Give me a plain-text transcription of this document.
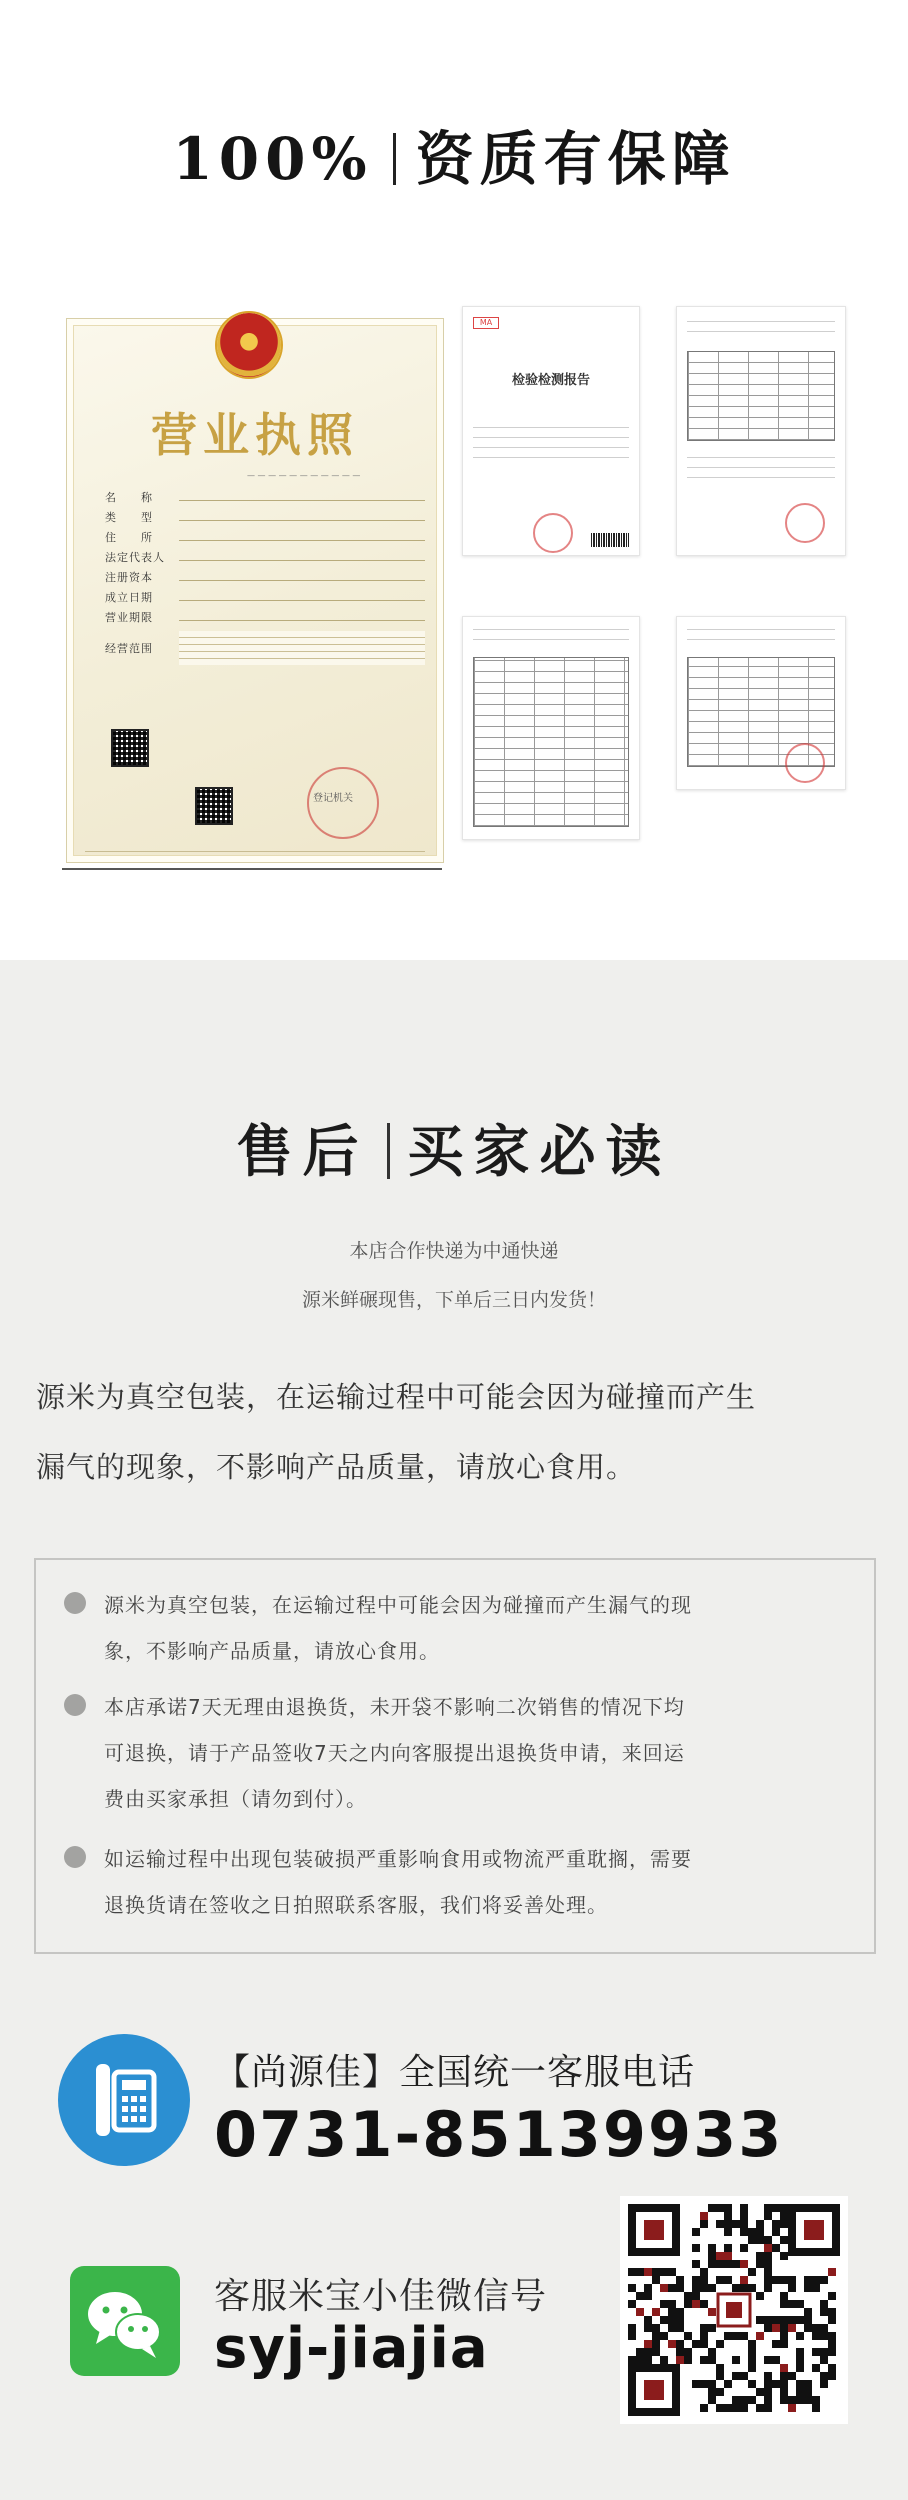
100% 资质有保障
营业执照
— — — — — — — — — — —
名　　称
类　　型
住　　所
法定代表人
注册资本
成立日期
营业期限
经营范围
登记机关
MA
检验检测报告
售后 买家必读
本店合作快递为中通快递
源米鲜碾现售，下单后三日内发货！
源米为真空包装，在运输过程中可能会因为碰撞而产生
漏气的现象，不影响产品质量，请放心食用。
源米为真空包装，在运输过程中可能会因为碰撞而产生漏气的现
象，不影响产品质量，请放心食用。
本店承诺7天无理由退换货，未开袋不影响二次销售的情况下均
可退换，请于产品签收7天之内向客服提出退换货申请，来回运
费由买家承担（请勿到付）。
如运输过程中出现包装破损严重影响食用或物流严重耽搁，需要
退换货请在签收之日拍照联系客服，我们将妥善处理。
【尚源佳】全国统一客服电话
0731-85139933
客服米宝小佳微信号
syj-jiajia
